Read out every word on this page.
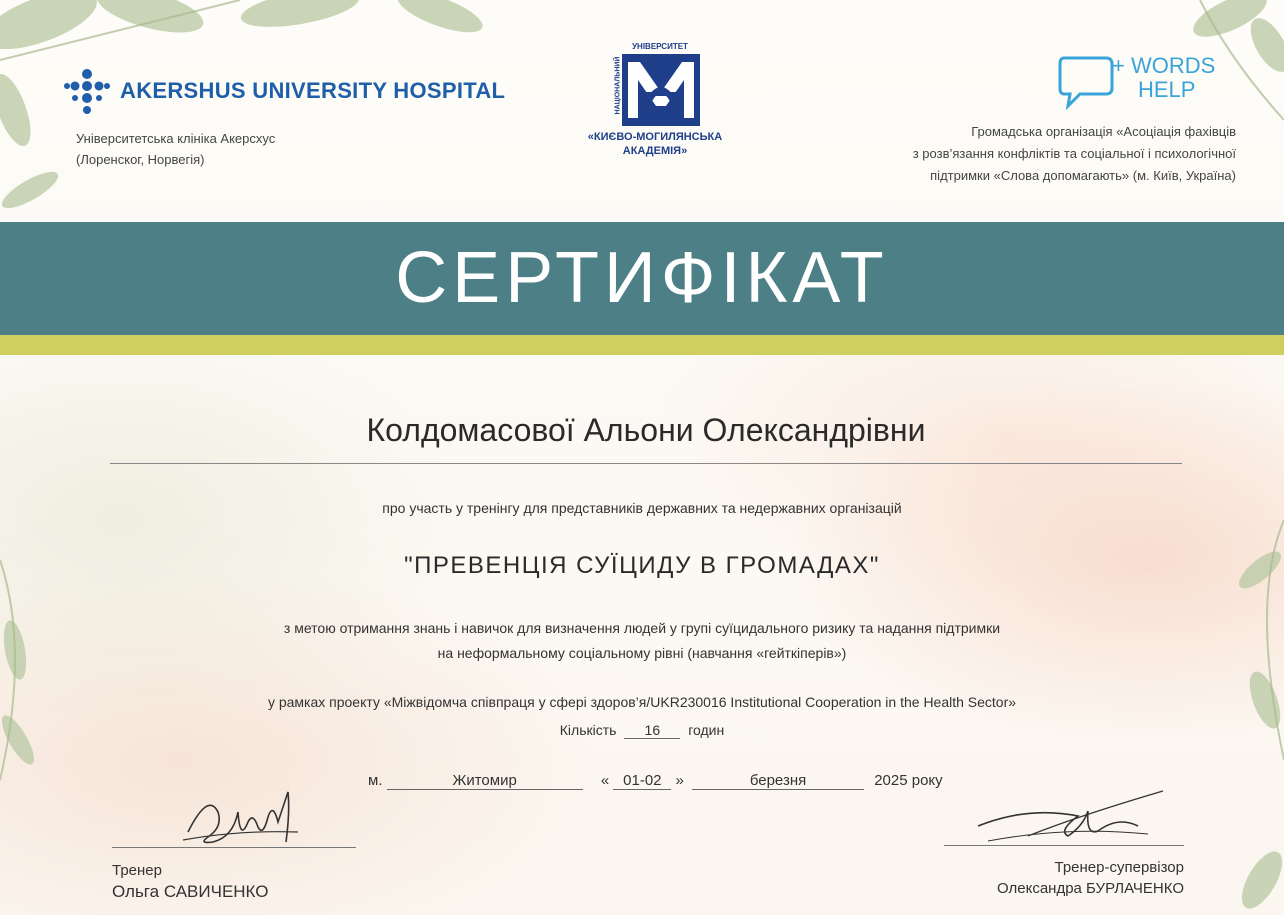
AKERSHUS UNIVERSITY HOSPITAL
Університетська клініка Акерсхус
(Лоренског, Норвегія)
УНІВЕРСИТЕТ
НАЦІОНАЛЬНИЙ
«КИЄВО-МОГИЛЯНСЬКА
АКАДЕМІЯ»
+ WORDS
HELP
Громадська організація «Асоціація фахівців
з розв’язання конфліктів та соціальної і психологічної
підтримки «Слова допомагають» (м. Київ, Україна)
СЕРТИФІКАТ
Колдомасової Альони Олександрівни
про участь у тренінгу для представників державних та недержавних організацій
"ПРЕВЕНЦІЯ СУЇЦИДУ В ГРОМАДАХ"
з метою отримання знань і навичок для визначення людей у групі суїцидального ризику та надання підтримки
на неформальному соціальному рівні (навчання «гейткіперів»)
у рамках проекту «Міжвідомча співпраця у сфері здоров’я/UKR230016 Institutional Cooperation in the Health Sector»
Кількість 16 годин
м.	Житомир	« 01-02 »	березня	2025 року
Тренер
Ольга САВИЧЕНКО
Тренер-супервізор
Олександра БУРЛАЧЕНКО
